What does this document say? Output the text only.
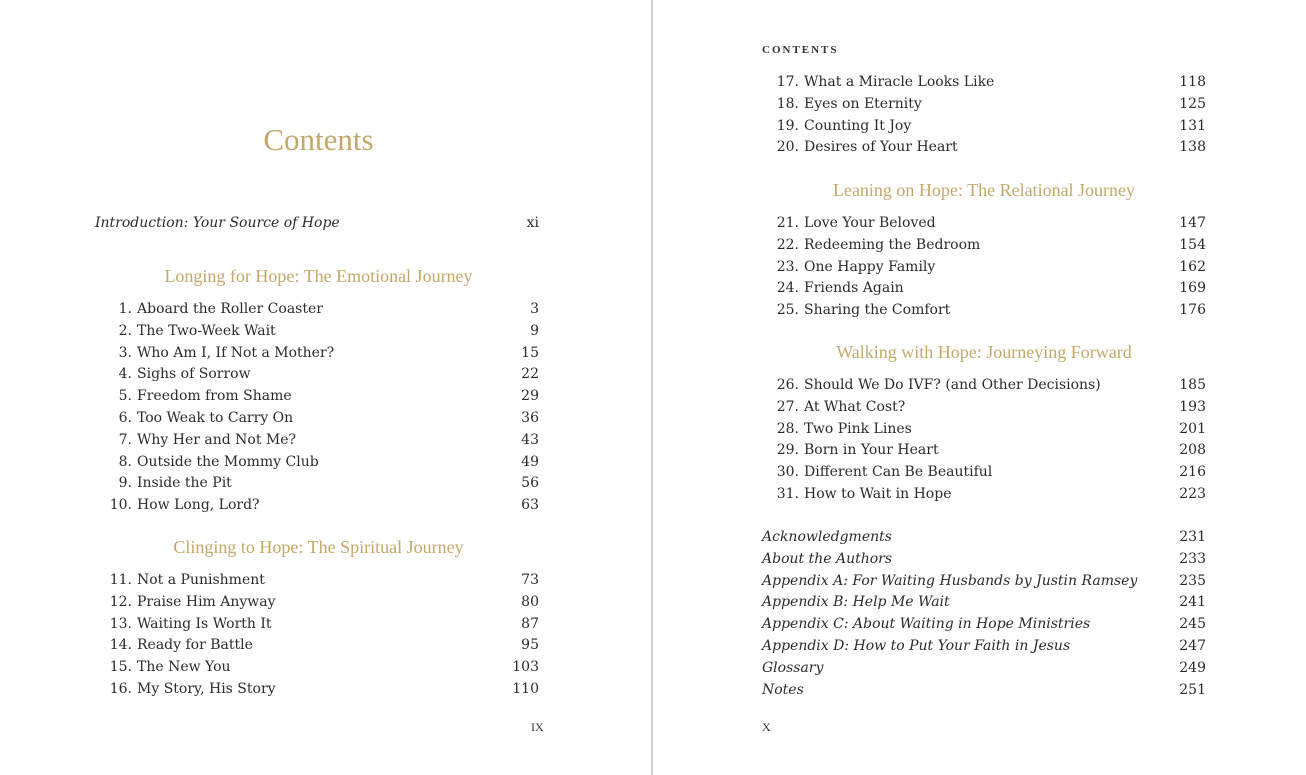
Contents
Introduction: Your Source of Hope	xi
Longing for Hope: The Emotional Journey
1. Aboard the Roller Coaster	3
2. The Two-Week Wait	9
3. Who Am I, If Not a Mother?	15
4. Sighs of Sorrow	22
5. Freedom from Shame	29
6. Too Weak to Carry On	36
7. Why Her and Not Me?	43
8. Outside the Mommy Club	49
9. Inside the Pit	56
10. How Long, Lord?	63
Clinging to Hope: The Spiritual Journey
11. Not a Punishment	73
12. Praise Him Anyway	80
13. Waiting Is Worth It	87
14. Ready for Battle	95
15. The New You	103
16. My Story, His Story	110
IX
CONTENTS
17. What a Miracle Looks Like	118
18. Eyes on Eternity	125
19. Counting It Joy	131
20. Desires of Your Heart	138
Leaning on Hope: The Relational Journey
21. Love Your Beloved	147
22. Redeeming the Bedroom	154
23. One Happy Family	162
24. Friends Again	169
25. Sharing the Comfort	176
Walking with Hope: Journeying Forward
26. Should We Do IVF? (and Other Decisions)	185
27. At What Cost?	193
28. Two Pink Lines	201
29. Born in Your Heart	208
30. Different Can Be Beautiful	216
31. How to Wait in Hope	223
Acknowledgments	231
About the Authors	233
Appendix A: For Waiting Husbands by Justin Ramsey	235
Appendix B: Help Me Wait	241
Appendix C: About Waiting in Hope Ministries	245
Appendix D: How to Put Your Faith in Jesus	247
Glossary	249
Notes	251
X
